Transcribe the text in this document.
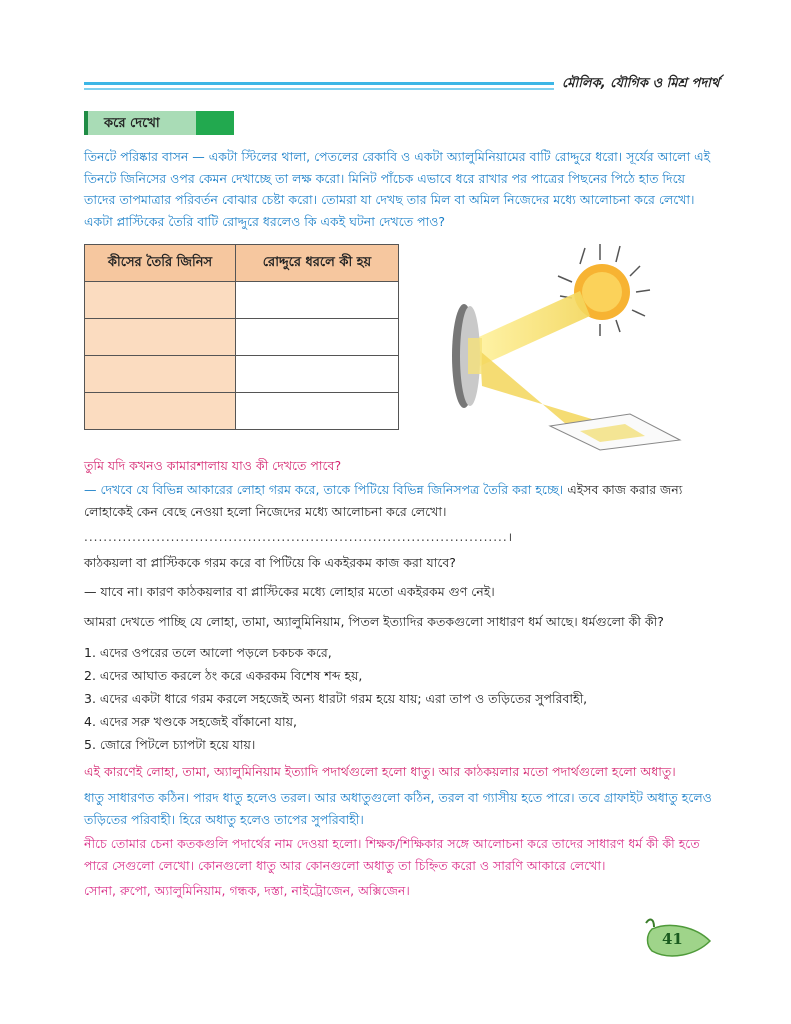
মৌলিক, যৌগিক ও মিশ্র পদার্থ
করে দেখো
তিনটে পরিষ্কার বাসন — একটা স্টিলের থালা, পেতলের রেকাবি ও একটা অ্যালুমিনিয়ামের বাটি রোদ্দুরে ধরো। সূর্যের আলো এই তিনটে জিনিসের ওপর কেমন দেখাচ্ছে তা লক্ষ করো। মিনিট পাঁচেক এভাবে ধরে রাখার পর পাত্রের পিছনের পিঠে হাত দিয়ে তাদের তাপমাত্রার পরিবর্তন বোঝার চেষ্টা করো। তোমরা যা দেখছ তার মিল বা অমিল নিজেদের মধ্যে আলোচনা করে লেখো। একটা প্লাস্টিকের তৈরি বাটি রোদ্দুরে ধরলেও কি একই ঘটনা দেখতে পাও?
কীসের তৈরি জিনিস	রোদ্দুরে ধরলে কী হয়

তুমি যদি কখনও কামারশালায় যাও কী দেখতে পাবে?
— দেখবে যে বিভিন্ন আকারের লোহা গরম করে, তাকে পিটিয়ে বিভিন্ন জিনিসপত্র তৈরি করা হচ্ছে। এইসব কাজ করার জন্য লোহাকেই কেন বেছে নেওয়া হলো নিজেদের মধ্যে আলোচনা করে লেখো।
........................................................................................।
কাঠকয়লা বা প্লাস্টিককে গরম করে বা পিটিয়ে কি একইরকম কাজ করা যাবে?
— যাবে না। কারণ কাঠকয়লার বা প্লাস্টিকের মধ্যে লোহার মতো একইরকম গুণ নেই।
আমরা দেখতে পাচ্ছি যে লোহা, তামা, অ্যালুমিনিয়াম, পিতল ইত্যাদির কতকগুলো সাধারণ ধর্ম আছে। ধর্মগুলো কী কী?
1. এদের ওপরের তলে আলো পড়লে চকচক করে,
2. এদের আঘাত করলে ঠং করে একরকম বিশেষ শব্দ হয়,
3. এদের একটা ধারে গরম করলে সহজেই অন্য ধারটা গরম হয়ে যায়; এরা তাপ ও তড়িতের সুপরিবাহী,
4. এদের সরু খণ্ডকে সহজেই বাঁকানো যায়,
5. জোরে পিটলে চ্যাপটা হয়ে যায়।
এই কারণেই লোহা, তামা, অ্যালুমিনিয়াম ইত্যাদি পদার্থগুলো হলো ধাতু। আর কাঠকয়লার মতো পদার্থগুলো হলো অধাতু।
ধাতু সাধারণত কঠিন। পারদ ধাতু হলেও তরল। আর অধাতুগুলো কঠিন, তরল বা গ্যাসীয় হতে পারে। তবে গ্রাফাইট অধাতু হলেও তড়িতের পরিবাহী। হিরে অধাতু হলেও তাপের সুপরিবাহী।
নীচে তোমার চেনা কতকগুলি পদার্থের নাম দেওয়া হলো। শিক্ষক/শিক্ষিকার সঙ্গে আলোচনা করে তাদের সাধারণ ধর্ম কী কী হতে পারে সেগুলো লেখো। কোনগুলো ধাতু আর কোনগুলো অধাতু তা চিহ্নিত করো ও সারণি আকারে লেখো।
সোনা, রুপো, অ্যালুমিনিয়াম, গন্ধক, দস্তা, নাইট্রোজেন, অক্সিজেন।
41
